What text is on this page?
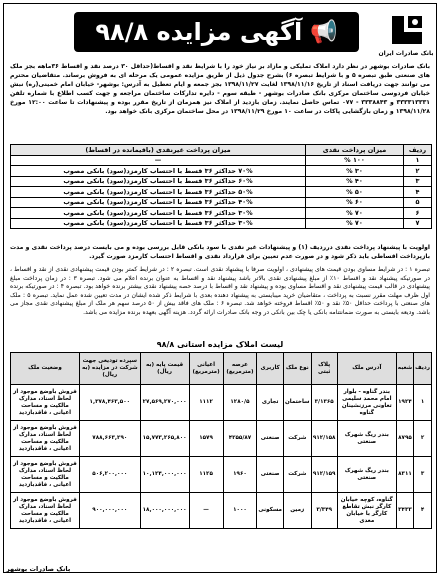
بانک صادرات ایران
📢
آگهی مزایده ۹۸/۸

بانک صادرات بوشهر در نظر دارد املاک تملیکی و مازاد بر نیاز خود را با شرایط نقد و اقساط(حداقل ۳۰ درصد نقد و اقساط ۳۶ماهه بجز ملک های صنعتی طبق تبصره ۵ و با شرایط تبصره ۶) بشرح جدول ذیل از طریق مزایده عمومی یک مرحله ای به فروش برساند. متقاضیان محترم می توانند جهت دریافت اسناد از تاریخ ۱۳۹۸/۱۱/۱۶ لغایت ۱۳۹۸/۱۱/۲۷ بجز جمعه و ایام تعطیل به آدرس: بوشهر- خیابان امام خمینی(ره) نبش خیابان فردوسی ساختمان مرکزی بانک صادرات بوشهر - طبقه سوم - دایره تدارکات ساختمان مراجعه و جهت کسب اطلاع با شماره تلفن ۳۳۳۳۱۳۳۳۱ و ۳۳۳۸۸۴۳ - ۰۷۷ تماس حاصل نمایند. زمان بازدید از املاک نیز همزمان از تاریخ مقرر بوده و پیشنهادات تا ساعت ۱۲:۰۰ مورخ ۱۳۹۸/۱۱/۲۸ و زمان بازگشایی پاکات در ساعت ۱۰ مورخ ۱۳۹۸/۱۱/۲۹ در محل ساختمان مرکزی بانک خواهد بود.

ردیف	میزان پرداخت نقدی	میزان پرداخت غیرنقدی (باقیمانده در اقساط)
۱	۱۰۰ %	—
۲	۳۰ %	۷۰% حداکثر ۳۶ قسط با احتساب کارمزد(سود) بانکی مصوب
۳	۴۰ %	۶۰% حداکثر ۳۶ قسط با احتساب کارمزد(سود) بانکی مصوب
۴	۵۰ %	۵۰% حداکثر ۳۶ قسط با احتساب کارمزد(سود) بانکی مصوب
۵	۶۰ %	۴۰% حداکثر ۳۶ قسط با احتساب کارمزد(سود) بانکی مصوب
۶	۷۰ %	۳۰% حداکثر ۳۶ قسط با احتساب کارمزد(سود) بانکی مصوب
۷	۷۰ %	۳۰% حداکثر ۳۶ قسط با احتساب کارمزد(سود) بانکی مصوب

اولویت با پیشنهاد پرداخت نقدی درردیف (۱) و پیشنهادات غیر نقدی با سود بانکی قابل بررسی بوده و می بایست درصد پرداخت نقدی و مدت بازپرداخت اقساطی باید ذکر شود و در صورت عدم تعیین برای قرارداد نقدی و اقساط احتساب کارمزد صورت گیرد.

تبصره ۱ : در شرایط مساوی بودن قیمت های پیشنهادی ، اولویت صرفا با پیشنهاد نقدی است. تبصره ۲ : در شرایط کمتر بودن قیمت پیشنهادی نقدی از نقد و اقساط ، در صورتیکه پیشنهاد نقد و اقساط ۱۰٪ از مبلغ پیشنهادی نقدی بالاتر باشد پیشنهاد نقد و اقساط به عنوان برنده اعلام می شود. تبصره ۳ : در زمان پرداخت مبلغ پیشنهادی در قالب قیمت پیشنهادی نقد و اقساط مساوی بوده و پیشنهاد نقد و اقساط با درصد حصه پیشنهاد نقدی بیشتر برنده خواهد بود. تبصره ۴ : در صورتیکه برنده اول ظرف مهلت مقرر نسبت به پرداخت ، متقاضیان خرید میبایستی به پیشنهاد دهنده بعدی با شرایط ذکر شده ایشان در مدت تعیین شده عمل نماید. تبصره ۵ : ملک های صنعتی با پرداخت حداقل ۵۰٪ نقد و ۵۰٪ اقساط فروخته خواهد شد. تبصره ۶ : ملک های فاقد بیش از ۵۰ درصد سهم هر ملک از مبلغ پیشنهادی نقدی مجاز می باشد. ودیعه بایستی به صورت ضمانتنامه بانکی یا چک بین بانکی در وجه بانک صادرات ارائه گردد. هزینه آگهی بعهده برنده مزایده می باشد.

لیست املاک مزایده استانی ۹۸/۸
ردیف	شعبه	آدرس ملک	پلاک ثبتی	نوع ملک	کاربری	عرصه (مترمربع)	اعیانی (مترمربع)	قیمت پایه (به ریال)	سپرده تودیعی جهت شرکت در مزایده (به ریال)	وضعیت ملک
۱	۱۹۲۴	بندر گناوه - بلوار امام محمد سلیمی تعاونی مرزنشینان گناوه	۳/۱۳۶۵	ساختمان	تجاری	۱۲۸۰/۵	۱۱۱۲	۲۷,۵۶۹,۲۷۰,۰۰۰	۱,۳۷۸,۴۶۳,۵۰۰	فروش باوضع موجود از لحاظ اسناد، مدارک مالکیت و مساحت اعیانی ، فاقدبازدید
۲	۸۷۹۵	بندر ریگ شهرک صنعتی	۹۱۲/۱۵۸	شرکت	صنعتی	۴۲۵۵/۸۷	۱۵۷۹	۱۵,۷۷۳,۲۶۵,۸۰۰	۷۸۸,۶۶۳,۲۹۰	فروش باوضع موجود از لحاظ اسناد، مدارک مالکیت و مساحت اعیانی ، فاقدبازدید
۳	۸۳۱۱	بندر ریگ شهرک صنعتی	۹۱۲/۱۵۹	شرکت	صنعتی	۱۹۶۰	۱۱۲۵	۱۰,۱۲۴,۰۰۰,۰۰۰	۵۰۶,۲۰۰,۰۰۰	فروش باوضع موجود از لحاظ اسناد، مدارک مالکیت و مساحت اعیانی ، فاقدبازدید
۴	۳۴۳۳	گناوه، کوچه خیابان کارگر نبش تقاطع کارگر با خیابان معدی	۳/۳۴۹	زمین	مسکونی	۱۰۰۰	—	۱۸,۰۰۰,۰۰۰,۰۰۰	۹۰۰,۰۰۰,۰۰۰	فروش باوضع موجود از لحاظ اسناد، مدارک مالکیت و مساحت اعیانی ، فاقدبازدید
بانک صادرات بوشهر
